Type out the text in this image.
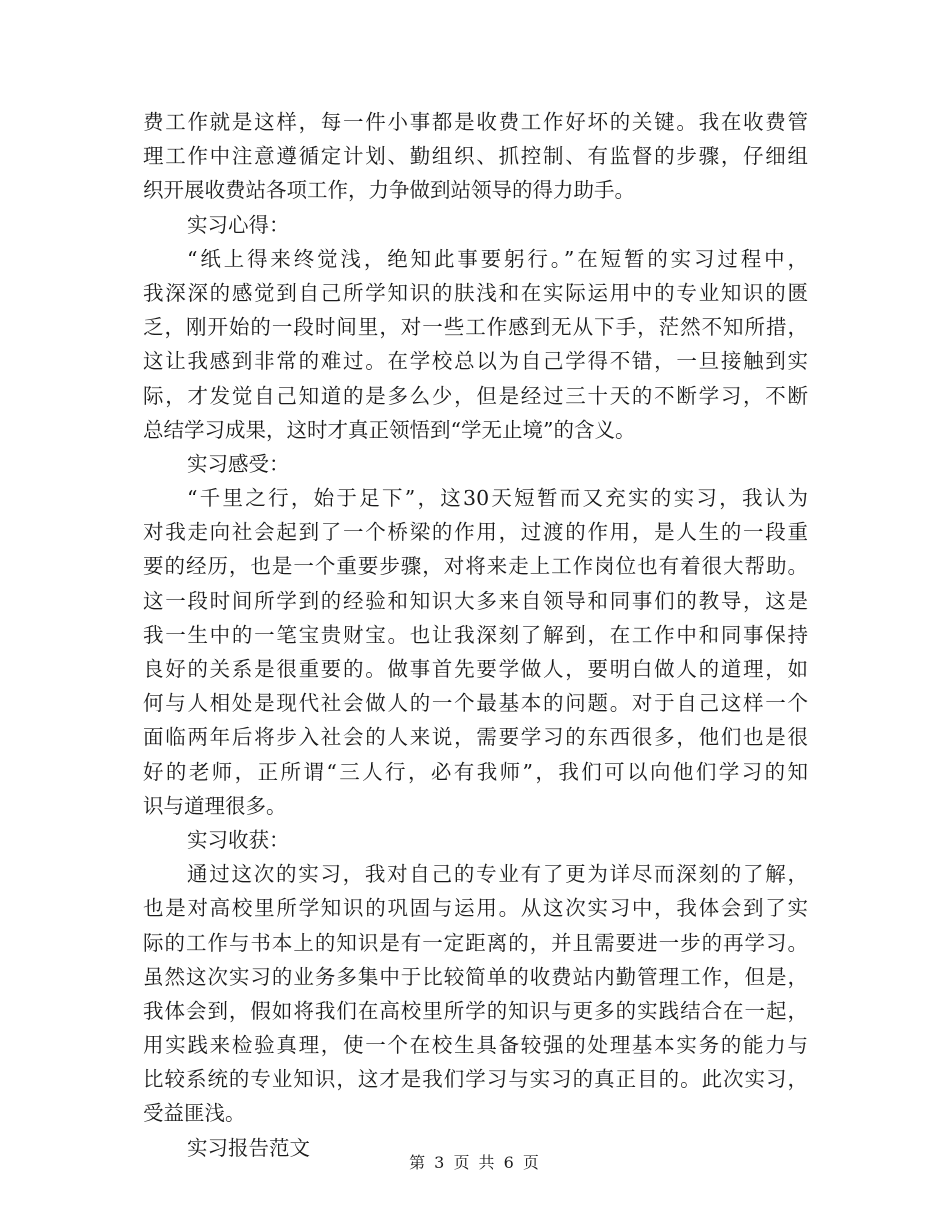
费工作就是这样，每一件小事都是收费工作好坏的关键。我在收费管
理工作中注意遵循定计划、勤组织、抓控制、有监督的步骤，仔细组
织开展收费站各项工作，力争做到站领导的得力助手。
实习心得：
“纸上得来终觉浅，绝知此事要躬行。”在短暂的实习过程中，
我深深的感觉到自己所学知识的肤浅和在实际运用中的专业知识的匮
乏，刚开始的一段时间里，对一些工作感到无从下手，茫然不知所措，
这让我感到非常的难过。在学校总以为自己学得不错，一旦接触到实
际，才发觉自己知道的是多么少，但是经过三十天的不断学习，不断
总结学习成果，这时才真正领悟到“学无止境”的含义。
实习感受：
“千里之行，始于足下”，这30天短暂而又充实的实习，我认为
对我走向社会起到了一个桥梁的作用，过渡的作用，是人生的一段重
要的经历，也是一个重要步骤，对将来走上工作岗位也有着很大帮助。
这一段时间所学到的经验和知识大多来自领导和同事们的教导，这是
我一生中的一笔宝贵财宝。也让我深刻了解到，在工作中和同事保持
良好的关系是很重要的。做事首先要学做人，要明白做人的道理，如
何与人相处是现代社会做人的一个最基本的问题。对于自己这样一个
面临两年后将步入社会的人来说，需要学习的东西很多，他们也是很
好的老师，正所谓“三人行，必有我师”，我们可以向他们学习的知
识与道理很多。
实习收获：
通过这次的实习，我对自己的专业有了更为详尽而深刻的了解，
也是对高校里所学知识的巩固与运用。从这次实习中，我体会到了实
际的工作与书本上的知识是有一定距离的，并且需要进一步的再学习。
虽然这次实习的业务多集中于比较简单的收费站内勤管理工作，但是，
我体会到，假如将我们在高校里所学的知识与更多的实践结合在一起，
用实践来检验真理，使一个在校生具备较强的处理基本实务的能力与
比较系统的专业知识，这才是我们学习与实习的真正目的。此次实习，
受益匪浅。
实习报告范文
第 3 页 共 6 页
